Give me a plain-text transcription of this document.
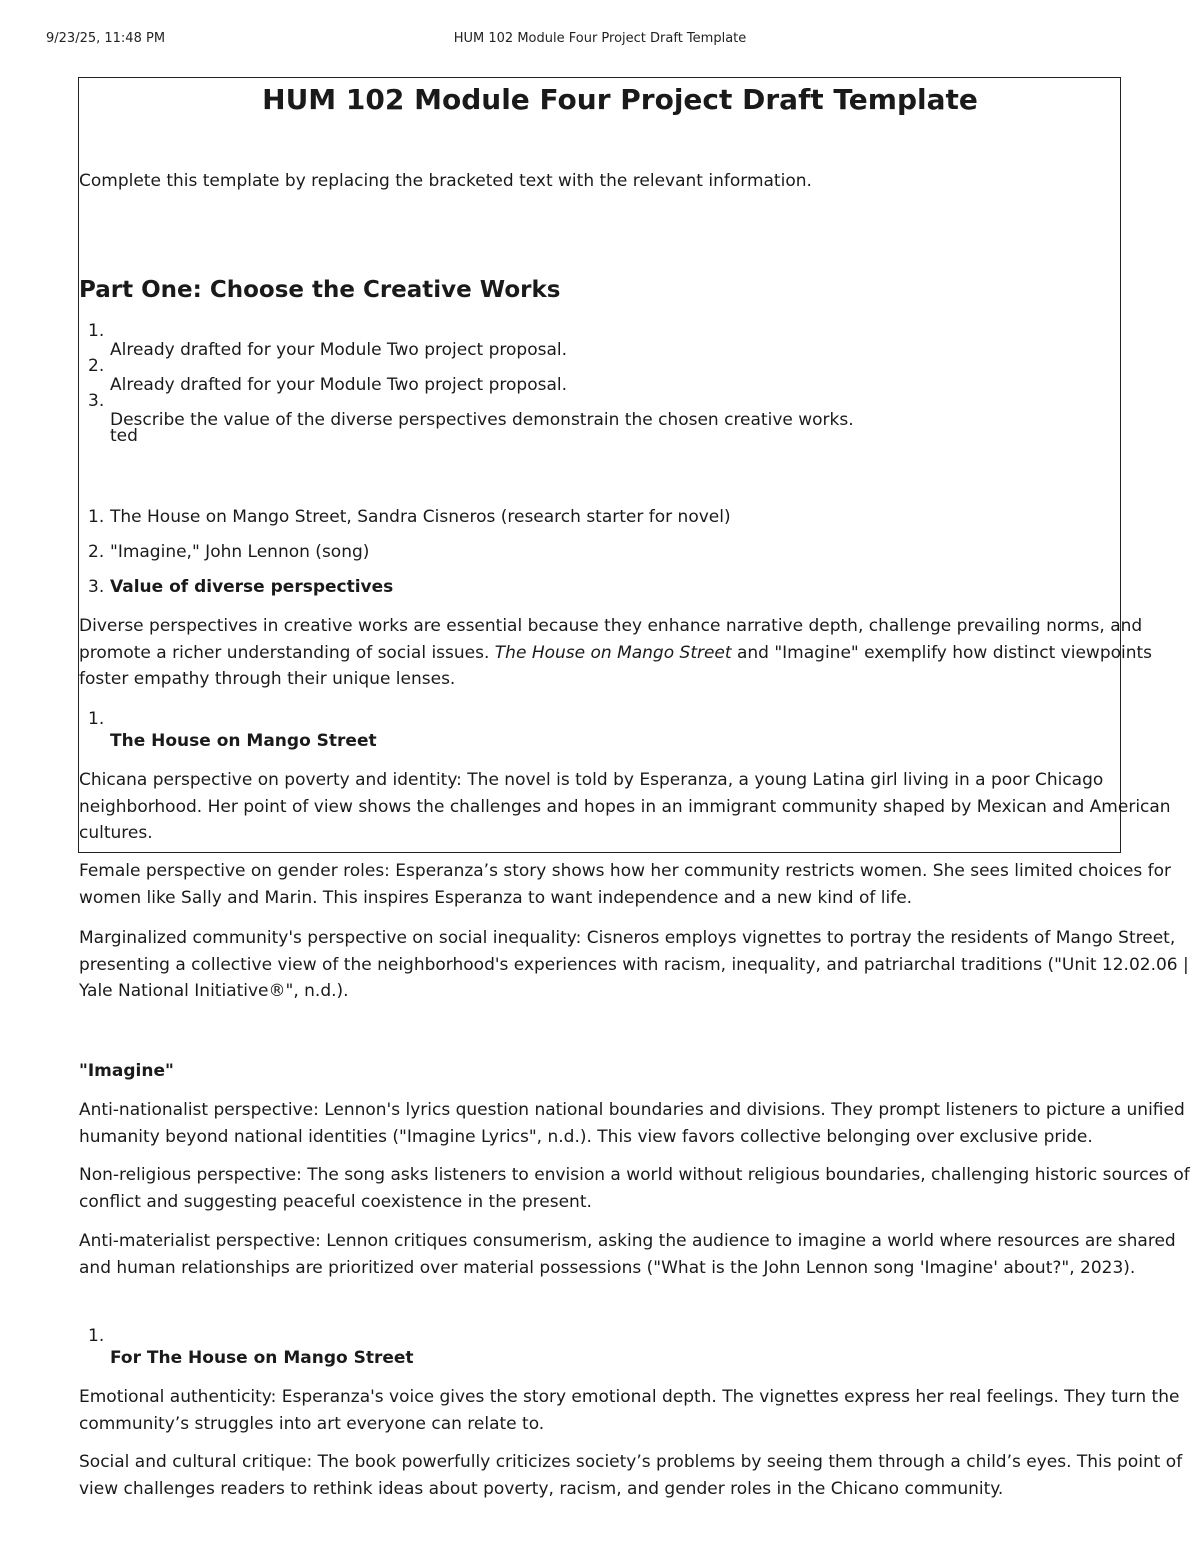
9/23/25, 11:48 PM	HUM 102 Module Four Project Draft Template
HUM 102 Module Four Project Draft Template
Complete this template by replacing the bracketed text with the relevant information.
Part One: Choose the Creative Works
1.
Already drafted for your Module Two project proposal.
2.
Already drafted for your Module Two project proposal.
3.
Describe the value of the diverse perspectives demonstrain the chosen creative works.
ted
1. The House on Mango Street, Sandra Cisneros (research starter for novel)
2. "Imagine," John Lennon (song)
3. Value of diverse perspectives

Diverse perspectives in creative works are essential because they enhance narrative depth, challenge prevailing norms, and promote a richer understanding of social issues. The House on Mango Street and "Imagine" exemplify how distinct viewpoints foster empathy through their unique lenses.

1.
The House on Mango Street
Chicana perspective on poverty and identity: The novel is told by Esperanza, a young Latina girl living in a poor Chicago neighborhood. Her point of view shows the challenges and hopes in an immigrant community shaped by Mexican and American cultures.
Female perspective on gender roles: Esperanza’s story shows how her community restricts women. She sees limited choices for women like Sally and Marin. This inspires Esperanza to want independence and a new kind of life.
Marginalized community's perspective on social inequality: Cisneros employs vignettes to portray the residents of Mango Street, presenting a collective view of the neighborhood's experiences with racism, inequality, and patriarchal traditions ("Unit 12.02.06 | Yale National Initiative®", n.d.).
"Imagine"
Anti-nationalist perspective: Lennon's lyrics question national boundaries and divisions. They prompt listeners to picture a unified humanity beyond national identities ("Imagine Lyrics", n.d.). This view favors collective belonging over exclusive pride.
Non-religious perspective: The song asks listeners to envision a world without religious boundaries, challenging historic sources of conflict and suggesting peaceful coexistence in the present.
Anti-materialist perspective: Lennon critiques consumerism, asking the audience to imagine a world where resources are shared and human relationships are prioritized over material possessions ("What is the John Lennon song 'Imagine' about?", 2023).
1.
For The House on Mango Street
Emotional authenticity: Esperanza's voice gives the story emotional depth. The vignettes express her real feelings. They turn the community’s struggles into art everyone can relate to.
Social and cultural critique: The book powerfully criticizes society’s problems by seeing them through a child’s eyes. This point of view challenges readers to rethink ideas about poverty, racism, and gender roles in the Chicano community.
